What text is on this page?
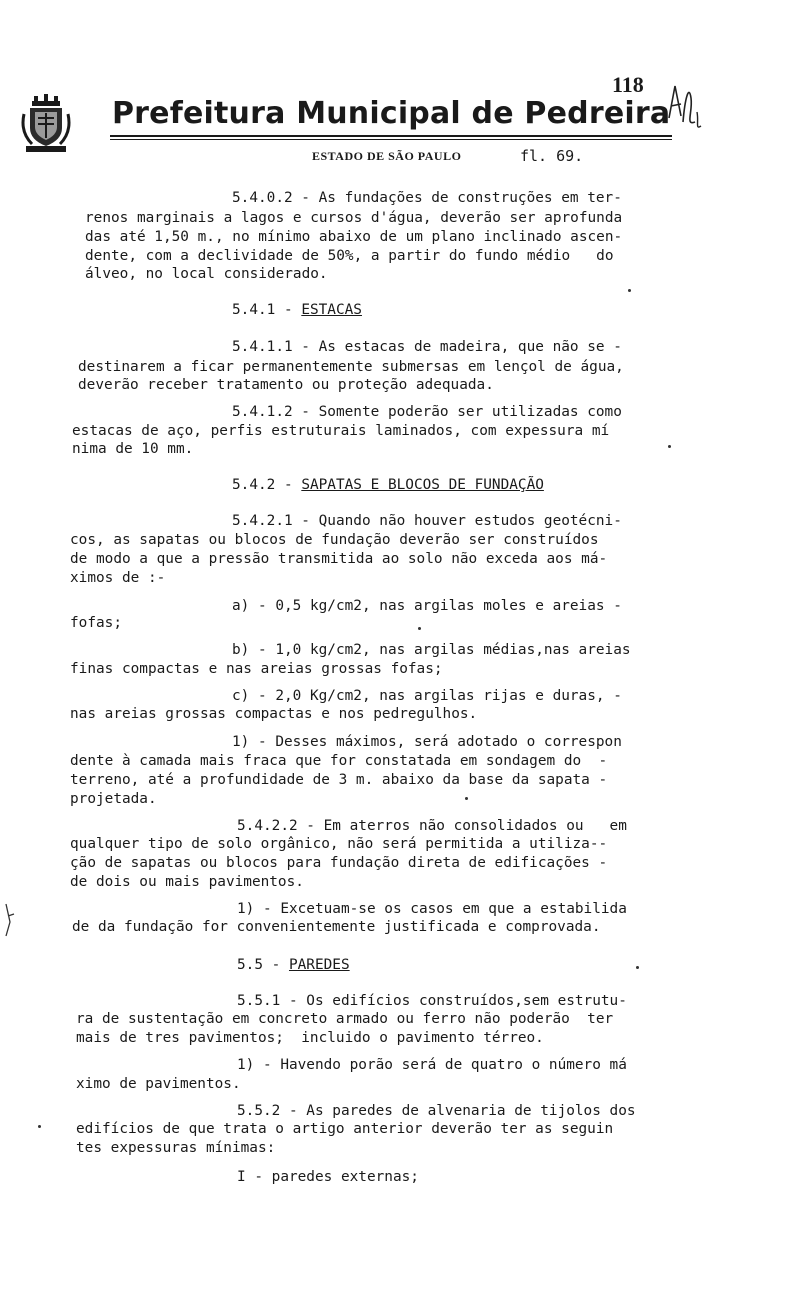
118
Prefeitura Municipal de Pedreira
ESTADO DE SÃO PAULO	fl. 69.
5.4.0.2 - As fundações de construções em ter-
renos marginais a lagos e cursos d'água, deverão ser aprofunda
das até 1,50 m., no mínimo abaixo de um plano inclinado ascen-
dente, com a declividade de 50%, a partir do fundo médio   do
álveo, no local considerado.
5.4.1 - ESTACAS
5.4.1.1 - As estacas de madeira, que não se -
destinarem a ficar permanentemente submersas em lençol de água,
deverão receber tratamento ou proteção adequada.
5.4.1.2 - Somente poderão ser utilizadas como
estacas de aço, perfis estruturais laminados, com expessura mí
nima de 10 mm.
5.4.2 - SAPATAS E BLOCOS DE FUNDAÇÃO
5.4.2.1 - Quando não houver estudos geotécni-
cos, as sapatas ou blocos de fundação deverão ser construídos
de modo a que a pressão transmitida ao solo não exceda aos má-
ximos de :-
a) - 0,5 kg/cm2, nas argilas moles e areias -
fofas;
b) - 1,0 kg/cm2, nas argilas médias,nas areias
finas compactas e nas areias grossas fofas;
c) - 2,0 Kg/cm2, nas argilas rijas e duras, -
nas areias grossas compactas e nos pedregulhos.
1) - Desses máximos, será adotado o correspon
dente à camada mais fraca que for constatada em sondagem do  -
terreno, até a profundidade de 3 m. abaixo da base da sapata -
projetada.
5.4.2.2 - Em aterros não consolidados ou   em
qualquer tipo de solo orgânico, não será permitida a utiliza--
ção de sapatas ou blocos para fundação direta de edificações -
de dois ou mais pavimentos.
1) - Excetuam-se os casos em que a estabilida
de da fundação for convenientemente justificada e comprovada.
5.5 - PAREDES
5.5.1 - Os edifícios construídos,sem estrutu-
ra de sustentação em concreto armado ou ferro não poderão  ter
mais de tres pavimentos;  incluido o pavimento térreo.
1) - Havendo porão será de quatro o número má
ximo de pavimentos.
5.5.2 - As paredes de alvenaria de tijolos dos
edifícios de que trata o artigo anterior deverão ter as seguin
tes expessuras mínimas:
I - paredes externas;
